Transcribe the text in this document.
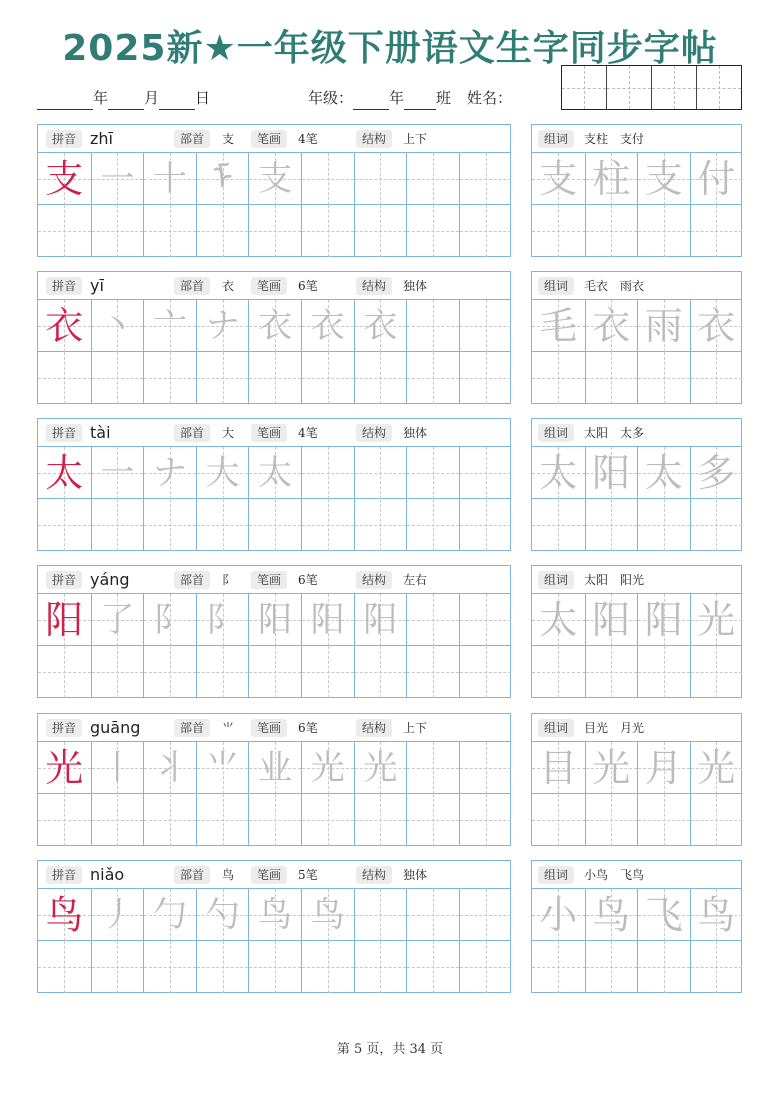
2025新★一年级下册语文生字同步字帖
年 月 日	年级： 年 班 姓名：
拼音 zhī	部首	支	笔画	4笔	结构	上下
支 一 十 ᡏ 支
组词	支柱　支付
支 柱 支 付
拼音 yī	部首	衣	笔画	6笔	结构	独体
衣 丶 亠 ナ 衣 衣 衣
组词	毛衣　雨衣
毛 衣 雨 衣
拼音 tài	部首	大	笔画	4笔	结构	独体
太 一 ナ 大 太
组词	太阳　太多
太 阳 太 多
拼音 yáng	部首	阝	笔画	6笔	结构	左右
阳 了 阝 阝 阳 阳 阳
组词	太阳　阳光
太 阳 阳 光
拼音 guāng	部首	⺌	笔画	6笔	结构	上下
光 丨 丬 ⺌ 业 光 光
组词	目光　月光
目 光 月 光
拼音 niǎo	部首	鸟	笔画	5笔	结构	独体
鸟 丿 勹 勺 鸟 鸟
组词	小鸟　飞鸟
小 鸟 飞 鸟
第 5 页，共 34 页
